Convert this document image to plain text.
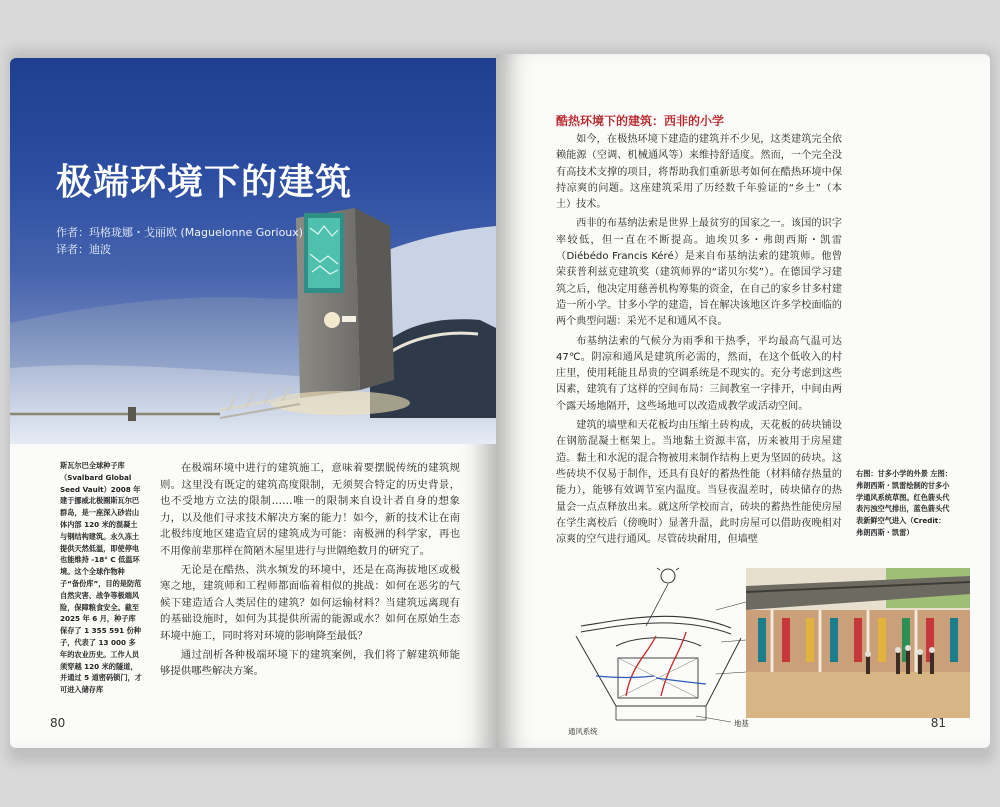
极端环境下的建筑
作者：玛格珑娜・戈丽欧 (Maguelonne Gorioux)
译者：迪波
斯瓦尔巴全球种子库（Svalbard Global Seed Vault）2008 年建于挪威北极圈斯瓦尔巴群岛，是一座深入砂岩山体内部 120 米的混凝土与钢结构建筑。永久冻土提供天然低温，即使停电也能维持 -18° C 低温环境。这个全球作物种子“备份库”，目的是防范自然灾害、战争等极端风险，保障粮食安全。截至 2025 年 6 月，种子库保存了 1 355 591 份种子，代表了 13 000 多年的农业历史。工作人员须穿越 120 米的隧道，并通过 5 道密码锁门，才可进入储存库

在极端环境中进行的建筑施工，意味着要摆脱传统的建筑规则。这里没有既定的建筑高度限制，无须契合特定的历史背景，也不受地方立法的限制……唯一的限制来自设计者自身的想象力，以及他们寻求技术解决方案的能力！如今，新的技术让在南北极纬度地区建造宜居的建筑成为可能：南极洲的科学家，再也不用像前辈那样在简陋木屋里进行与世隔绝数月的研究了。

无论是在酷热、洪水频发的环境中，还是在高海拔地区或极寒之地，建筑师和工程师都面临着相似的挑战：如何在恶劣的气候下建造适合人类居住的建筑？如何运输材料？当建筑远离现有的基础设施时，如何为其提供所需的能源或水？如何在原始生态环境中施工，同时将对环境的影响降至最低？

通过剖析各种极端环境下的建筑案例，我们将了解建筑师能够提供哪些解决方案。

80
酷热环境下的建筑：西非的小学

如今，在极热环境下建造的建筑并不少见，这类建筑完全依赖能源（空调、机械通风等）来维持舒适度。然而，一个完全没有高技术支撑的项目，将帮助我们重新思考如何在酷热环境中保持凉爽的问题。这座建筑采用了历经数千年验证的“乡土”（本土）技术。

西非的布基纳法索是世界上最贫穷的国家之一。该国的识字率较低，但一直在不断提高。迪埃贝多・弗朗西斯・凯雷（Diébédo Francis Kéré）是来自布基纳法索的建筑师。他曾荣获普利兹克建筑奖（建筑师界的“诺贝尔奖”）。在德国学习建筑之后，他决定用慈善机构筹集的资金，在自己的家乡甘多村建造一所小学。甘多小学的建造，旨在解决该地区许多学校面临的两个典型问题：采光不足和通风不良。

布基纳法索的气候分为雨季和干热季，平均最高气温可达 47℃。阴凉和通风是建筑所必需的，然而，在这个低收入的村庄里，使用耗能且昂贵的空调系统是不现实的。充分考虑到这些因素，建筑有了这样的空间布局：三间教室一字排开，中间由两个露天场地隔开，这些场地可以改造成教学或活动空间。

建筑的墙壁和天花板均由压缩土砖构成，天花板的砖块铺设在钢筋混凝土框架上。当地黏土资源丰富，历来被用于房屋建造。黏土和水泥的混合物被用来制作结构上更为坚固的砖块。这些砖块不仅易于制作，还具有良好的蓄热性能（材料储存热量的能力），能够有效调节室内温度。当昼夜温差时，砖块储存的热量会一点点释放出来。就这所学校而言，砖块的蓄热性能使房屋在学生离校后（傍晚时）显著升温，此时房屋可以借助夜晚相对凉爽的空气进行通风。尽管砖块耐用，但墙壁

右图：甘多小学的外景 左图：弗朗西斯・凯雷绘制的甘多小学通风系统草图。红色箭头代表污浊空气排出，蓝色箭头代表新鲜空气进入（Credit：弗朗西斯・凯雷）
通风系统
地基	81
